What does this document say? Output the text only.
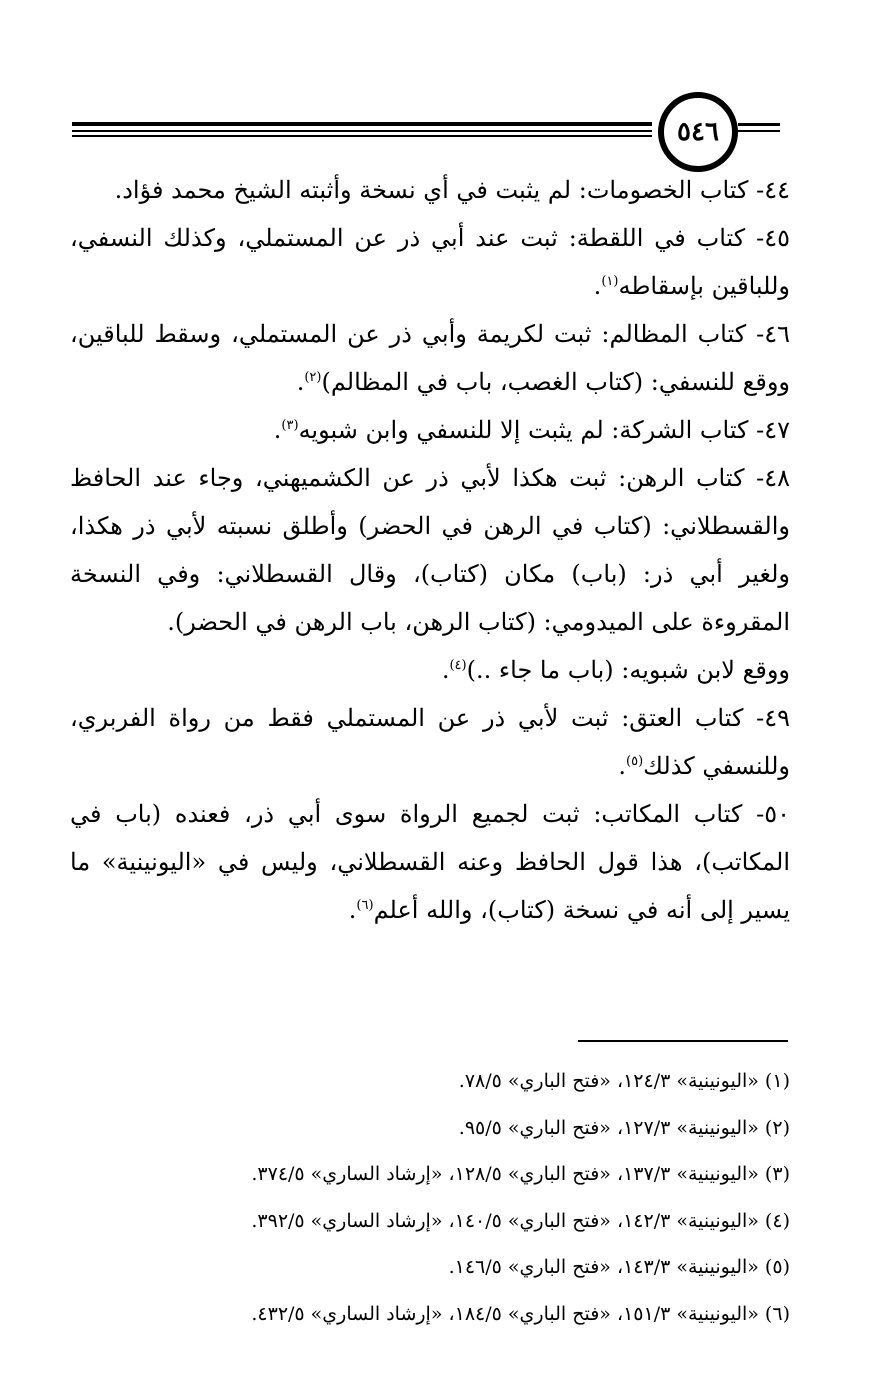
٥٤٦

٤٤- كتاب الخصومات: لم يثبت في أي نسخة وأثبته الشيخ محمد فؤاد.

٤٥- كتاب في اللقطة: ثبت عند أبي ذر عن المستملي، وكذلك النسفي، وللباقين بإسقاطه$^{(١)}$.

٤٦- كتاب المظالم: ثبت لكريمة وأبي ذر عن المستملي، وسقط للباقين، ووقع للنسفي: (كتاب الغصب، باب في المظالم)$^{(٢)}$.

٤٧- كتاب الشركة: لم يثبت إلا للنسفي وابن شبويه$^{(٣)}$.

٤٨- كتاب الرهن: ثبت هكذا لأبي ذر عن الكشميهني، وجاء عند الحافظ والقسطلاني: (كتاب في الرهن في الحضر) وأطلق نسبته لأبي ذر هكذا، ولغير أبي ذر: (باب) مكان (كتاب)، وقال القسطلاني: وفي النسخة المقروءة على الميدومي: (كتاب الرهن، باب الرهن في الحضر).

ووقع لابن شبويه: (باب ما جاء ..)$^{(٤)}$.

٤٩- كتاب العتق: ثبت لأبي ذر عن المستملي فقط من رواة الفربري، وللنسفي كذلك$^{(٥)}$.

٥٠- كتاب المكاتب: ثبت لجميع الرواة سوى أبي ذر، فعنده (باب في المكاتب)، هذا قول الحافظ وعنه القسطلاني، وليس في «اليونينية» ما يسير إلى أنه في نسخة (كتاب)، والله أعلم$^{(٦)}$.

(١) «اليونينية» ١٢٤/٣، «فتح الباري» ٧٨/٥.

(٢) «اليونينية» ١٢٧/٣، «فتح الباري» ٩٥/٥.

(٣) «اليونينية» ١٣٧/٣، «فتح الباري» ١٢٨/٥، «إرشاد الساري» ٣٧٤/٥.

(٤) «اليونينية» ١٤٢/٣، «فتح الباري» ١٤٠/٥، «إرشاد الساري» ٣٩٢/٥.

(٥) «اليونينية» ١٤٣/٣، «فتح الباري» ١٤٦/٥.

(٦) «اليونينية» ١٥١/٣، «فتح الباري» ١٨٤/٥، «إرشاد الساري» ٤٣٢/٥.
